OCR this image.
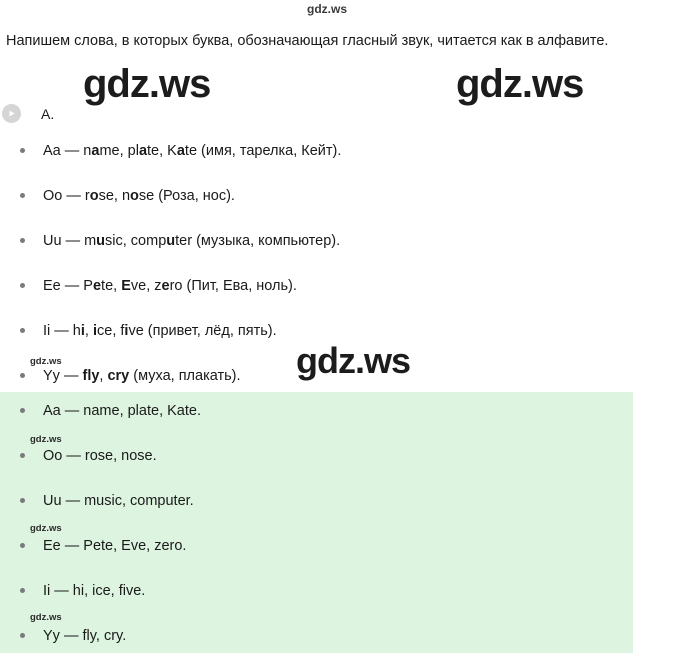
gdz.ws
Напишем слова, в которых буква, обозначающая гласный звук, читается как в алфавите.
gdz.ws	gdz.ws
A.
Aa — name, plate, Kate (имя, тарелка, Кейт).
Oo — rose, nose (Роза, нос).
Uu — music, computer (музыка, компьютер).
Ee — Pete, Eve, zero (Пит, Ева, ноль).
Ii — hi, ice, five (привет, лёд, пять).
Yy — fly, cry (муха, плакать).
gdz.ws	gdz.ws
Aa — name, plate, Kate.
Oo — rose, nose.
Uu — music, computer.
Ee — Pete, Eve, zero.
Ii — hi, ice, five.
Yy — fly, cry.
gdz.ws
gdz.ws
gdz.ws
